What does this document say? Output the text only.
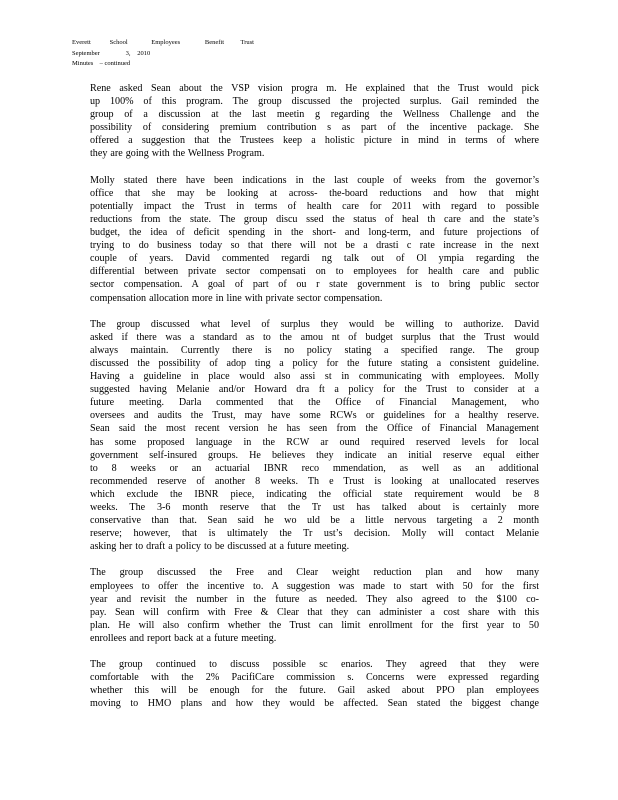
Everett	School	Employees	Benefit	Trust
September	3, 2010
Minutes – continued
Rene asked Sean about the VSP vision progra m. He explained that the Trust would pick
up 100% of this program. The group discussed the projected surplus. Gail reminded the
group of a discussion at the last meetin g regarding the Wellness Challenge and the
possibility of considering premium contribution s as part of the incentive package. She
offered a suggestion that the Trustees keep a holistic picture in mind in terms of where
they are going with the Wellness Program.
Molly stated there have been indications in the last couple of weeks from the governor’s
office that she may be looking at across- the-board reductions and how that might
potentially impact the Trust in terms of health care for 2011 with regard to possible
reductions from the state. The group discu ssed the status of heal th care and the state’s
budget, the idea of deficit spending in the short- and long-term, and future projections of
trying to do business today so that there will not be a drasti c rate increase in the next
couple of years. David commented regardi ng talk out of Ol ympia regarding the
differential between private sector compensati on to employees for health care and public
sector compensation. A goal of part of ou r state government is to bring public sector
compensation allocation more in line with private sector compensation.
The group discussed what level of surplus they would be willing to authorize. David
asked if there was a standard as to the amou nt of budget surplus that the Trust would
always maintain. Currently there is no policy stating a specified range. The group
discussed the possibility of adop ting a policy for the future stating a consistent guideline.
Having a guideline in place would also assi st in communicating with employees. Molly
suggested having Melanie and/or Howard dra ft a policy for the Trust to consider at a
future meeting. Darla commented that the Office of Financial Management, who
oversees and audits the Trust, may have some RCWs or guidelines for a healthy reserve.
Sean said the most recent version he has seen from the Office of Financial Management
has some proposed language in the RCW ar ound required reserved levels for local
government self-insured groups. He believes they indicate an initial reserve equal either
to 8 weeks or an actuarial IBNR reco mmendation, as well as an additional
recommended reserve of another 8 weeks. Th e Trust is looking at unallocated reserves
which exclude the IBNR piece, indicating the official state requirement would be 8
weeks. The 3-6 month reserve that the Tr ust has talked about is certainly more
conservative than that. Sean said he wo uld be a little nervous targeting a 2 month
reserve; however, that is ultimately the Tr ust’s decision. Molly will contact Melanie
asking her to draft a policy to be discussed at a future meeting.
The group discussed the Free and Clear weight reduction plan and how many
employees to offer the incentive to. A suggestion was made to start with 50 for the first
year and revisit the number in the future as needed. They also agreed to the $100 co-
pay. Sean will confirm with Free & Clear that they can administer a cost share with this
plan. He will also confirm whether the Trust can limit enrollment for the first year to 50
enrollees and report back at a future meeting.
The group continued to discuss possible sc enarios. They agreed that they were
comfortable with the 2% PacifiCare commission s. Concerns were expressed regarding
whether this will be enough for the future. Gail asked about PPO plan employees
moving to HMO plans and how they would be affected. Sean stated the biggest change
